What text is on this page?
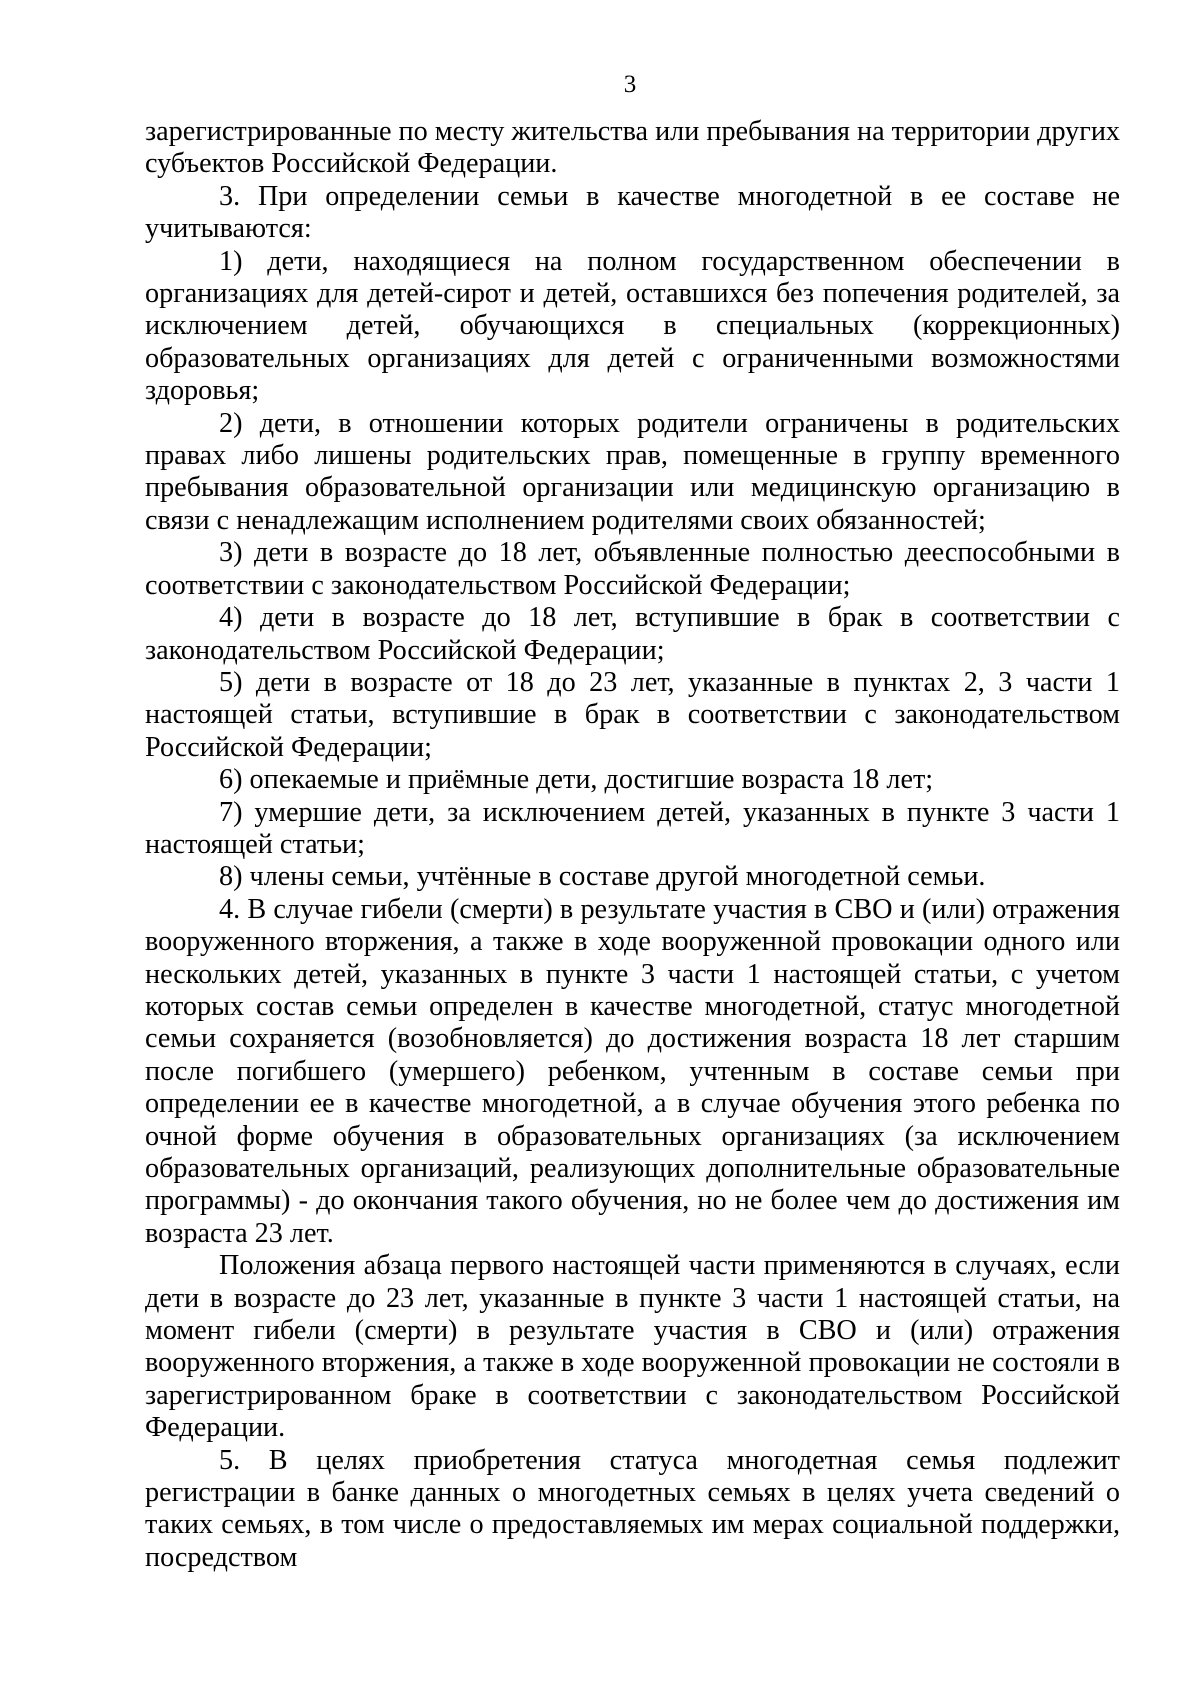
3

зарегистрированные по месту жительства или пребывания на территории других субъектов Российской Федерации.

3. При определении семьи в качестве многодетной в ее составе не учитываются:

1) дети, находящиеся на полном государственном обеспечении в организациях для детей-сирот и детей, оставшихся без попечения родителей, за исключением детей, обучающихся в специальных (коррекционных) образовательных организациях для детей с ограниченными возможностями здоровья;

2) дети, в отношении которых родители ограничены в родительских правах либо лишены родительских прав, помещенные в группу временного пребывания образовательной организации или медицинскую организацию в связи с ненадлежащим исполнением родителями своих обязанностей;

3) дети в возрасте до 18 лет, объявленные полностью дееспособными в соответствии с законодательством Российской Федерации;

4) дети в возрасте до 18 лет, вступившие в брак в соответствии с законодательством Российской Федерации;

5) дети в возрасте от 18 до 23 лет, указанные в пунктах 2, 3 части 1 настоящей статьи, вступившие в брак в соответствии с законодательством Российской Федерации;

6) опекаемые и приёмные дети, достигшие возраста 18 лет;

7) умершие дети, за исключением детей, указанных в пункте 3 части 1 настоящей статьи;

8) члены семьи, учтённые в составе другой многодетной семьи.

4. В случае гибели (смерти) в результате участия в СВО и (или) отражения вооруженного вторжения, а также в ходе вооруженной провокации одного или нескольких детей, указанных в пункте 3 части 1 настоящей статьи, с учетом которых состав семьи определен в качестве многодетной, статус многодетной семьи сохраняется (возобновляется) до достижения возраста 18 лет старшим после погибшего (умершего) ребенком, учтенным в составе семьи при определении ее в качестве многодетной, а в случае обучения этого ребенка по очной форме обучения в образовательных организациях (за исключением образовательных организаций, реализующих дополнительные образовательные программы) - до окончания такого обучения, но не более чем до достижения им возраста 23 лет.

Положения абзаца первого настоящей части применяются в случаях, если дети в возрасте до 23 лет, указанные в пункте 3 части 1 настоящей статьи, на момент гибели (смерти) в результате участия в СВО и (или) отражения вооруженного вторжения, а также в ходе вооруженной провокации не состояли в зарегистрированном браке в соответствии с законодательством Российской Федерации.

5. В целях приобретения статуса многодетная семья подлежит регистрации в банке данных о многодетных семьях в целях учета сведений о таких семьях, в том числе о предоставляемых им мерах социальной поддержки, посредством
